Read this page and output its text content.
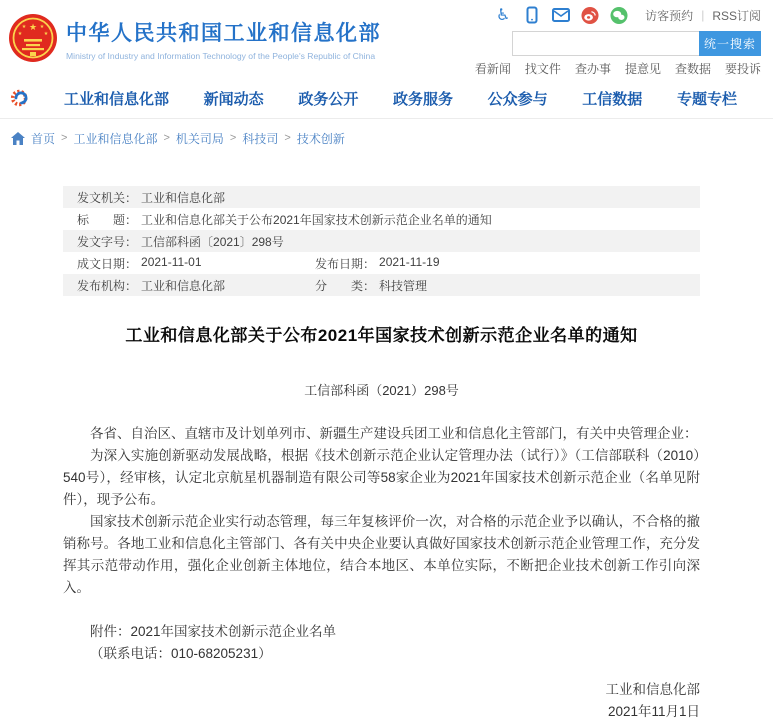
★
★	★
★	★ 中华人民共和国工业和信息化部
Ministry of Industry and Information Technology of the People's Republic of China
♿	访客预约 | RSS订阅
统一搜索
看新闻 找文件 查办事 提意见 查数据 要投诉
工业和信息化部 新闻动态 政务公开 政务服务 公众参与 工信数据 专题专栏
首页 > 工业和信息化部 > 机关司局 > 科技司 > 技术创新
发文机关： 工业和信息化部
标　　题： 工业和信息化部关于公布2021年国家技术创新示范企业名单的通知
发文字号： 工信部科函〔2021〕298号
成文日期： 2021-11-01	发布日期： 2021-11-19
发布机构： 工业和信息化部	分　　类： 科技管理
工业和信息化部关于公布2021年国家技术创新示范企业名单的通知
工信部科函（2021）298号

各省、自治区、直辖市及计划单列市、新疆生产建设兵团工业和信息化主管部门，有关中央管理企业：

为深入实施创新驱动发展战略，根据《技术创新示范企业认定管理办法（试行）》（工信部联科（2010）540号），经审核，认定北京航星机器制造有限公司等58家企业为2021年国家技术创新示范企业（名单见附件），现予公布。

国家技术创新示范企业实行动态管理，每三年复核评价一次，对合格的示范企业予以确认，不合格的撤销称号。各地工业和信息化主管部门、各有关中央企业要认真做好国家技术创新示范企业管理工作，充分发挥其示范带动作用，强化企业创新主体地位，结合本地区、本单位实际，不断把企业技术创新工作引向深入。

附件：2021年国家技术创新示范企业名单
（联系电话：010-68205231）
工业和信息化部
2021年11月1日
